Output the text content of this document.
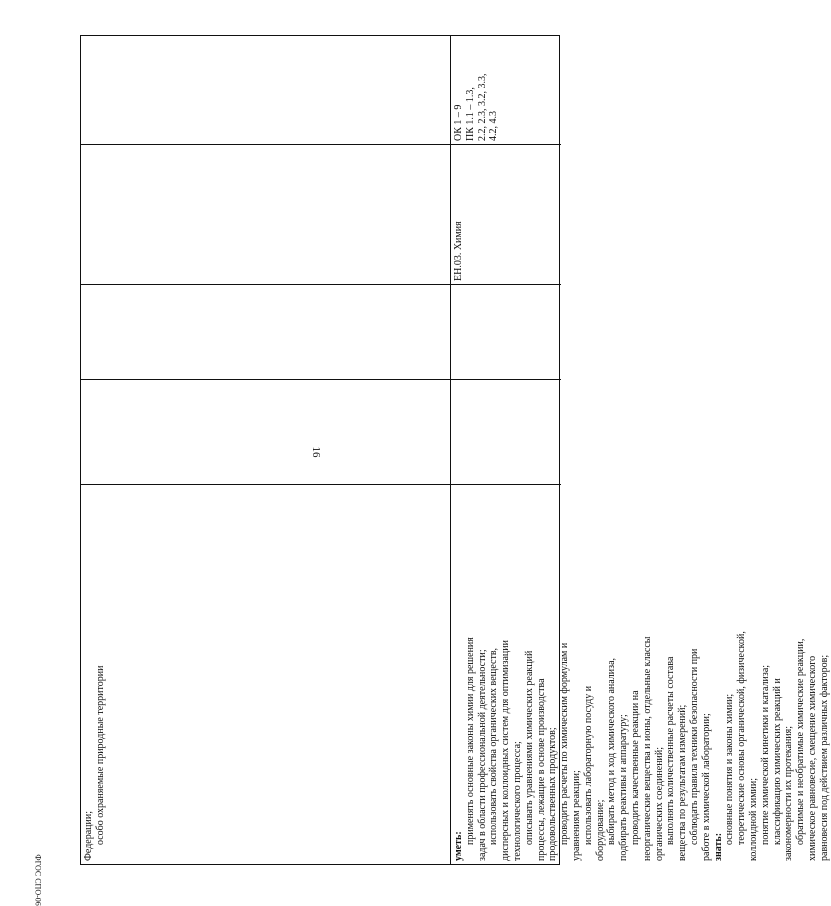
16
Федерации; особо охраняемые природные территории
уметь:
применять основные законы химии для решения задач в области профессиональной деятельности; использовать свойства органических веществ, дисперсных и коллоидных систем для оптимизации технологического процесса; описывать уравнениями химических реакций процессы, лежащие в основе производства продовольственных продуктов; проводить расчеты по химическим формулам и уравнениям реакции; использовать лабораторную посуду и оборудование; выбирать метод и ход химического анализа, подбирать реактивы и аппаратуру; проводить качественные реакции на неорганические вещества и ионы, отдельные классы органических соединений; выполнять количественные расчеты состава вещества по результатам измерений; соблюдать правила техники безопасности при работе в химической лаборатории; знать:
основные понятия и законы химии; теоретические основы органической, физической, коллоидной химии; понятие химической кинетики и катализа; классификацию химических реакций и закономерности их протекания; обратимые и необратимые химические реакции, химическое равновесие, смещение химического равновесия под действием различных факторов;
ЕН.03. Химия
ОК 1 – 9 ПК 1.1 – 1.3, 2.2, 2.3, 3.2, 3.3, 4.2, 4.3
ФГОС СПО-06
